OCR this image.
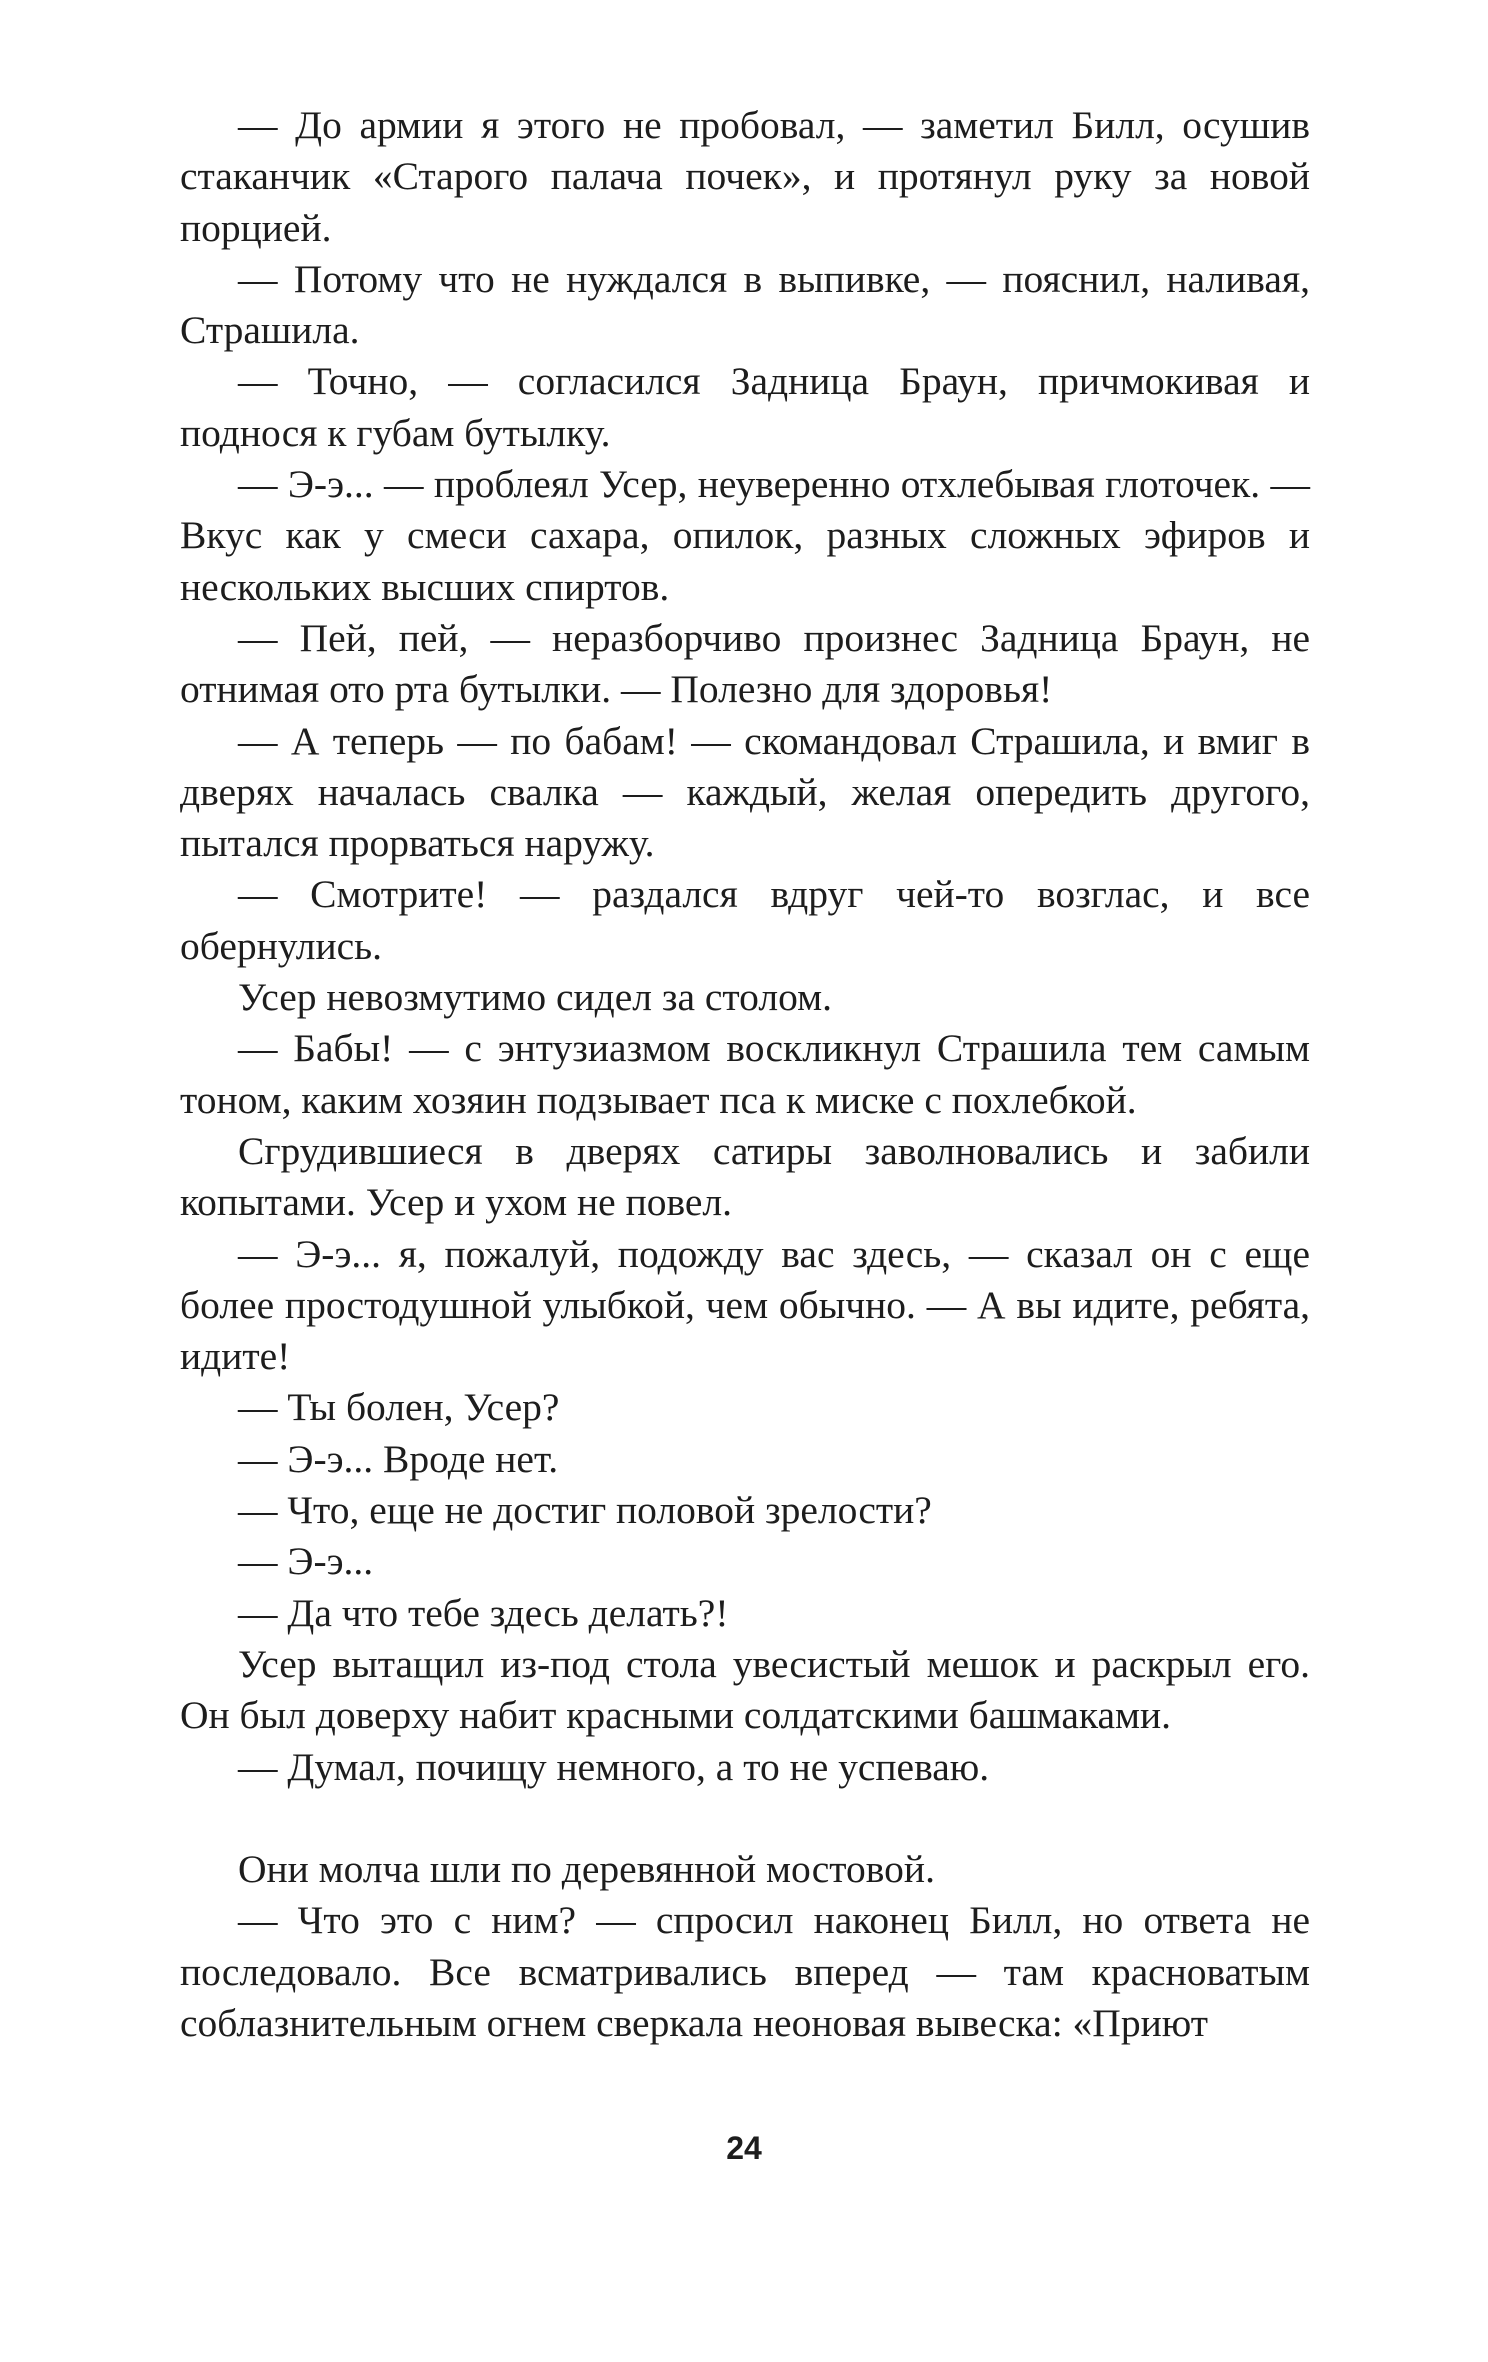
— До армии я этого не пробовал, — заметил Билл, осушив стаканчик «Старого палача почек», и протянул руку за новой порцией.

— Потому что не нуждался в выпивке, — пояснил, наливая, Страшила.

— Точно, — согласился Задница Браун, причмокивая и поднося к губам бутылку.

— Э-э... — проблеял Усер, неуверенно отхлебывая глоточек. — Вкус как у смеси сахара, опилок, разных сложных эфиров и нескольких высших спиртов.

— Пей, пей, — неразборчиво произнес Задница Браун, не отнимая ото рта бутылки. — Полезно для здоровья!

— А теперь — по бабам! — скомандовал Страшила, и вмиг в дверях началась свалка — каждый, желая опередить другого, пытался прорваться наружу.

— Смотрите! — раздался вдруг чей-то возглас, и все обернулись.

Усер невозмутимо сидел за столом.

— Бабы! — с энтузиазмом воскликнул Страшила тем самым тоном, каким хозяин подзывает пса к миске с похлебкой.

Сгрудившиеся в дверях сатиры заволновались и забили копытами. Усер и ухом не повел.

— Э-э... я, пожалуй, подожду вас здесь, — сказал он с еще более простодушной улыбкой, чем обычно. — А вы идите, ребята, идите!

— Ты болен, Усер?

— Э-э... Вроде нет.

— Что, еще не достиг половой зрелости?

— Э-э...

— Да что тебе здесь делать?!

Усер вытащил из-под стола увесистый мешок и раскрыл его. Он был доверху набит красными солдатскими башмаками.

— Думал, почищу немного, а то не успеваю.

Они молча шли по деревянной мостовой.

— Что это с ним? — спросил наконец Билл, но ответа не последовало. Все всматривались вперед — там красноватым соблазнительным огнем сверкала неоновая вывеска: «Приют

24
